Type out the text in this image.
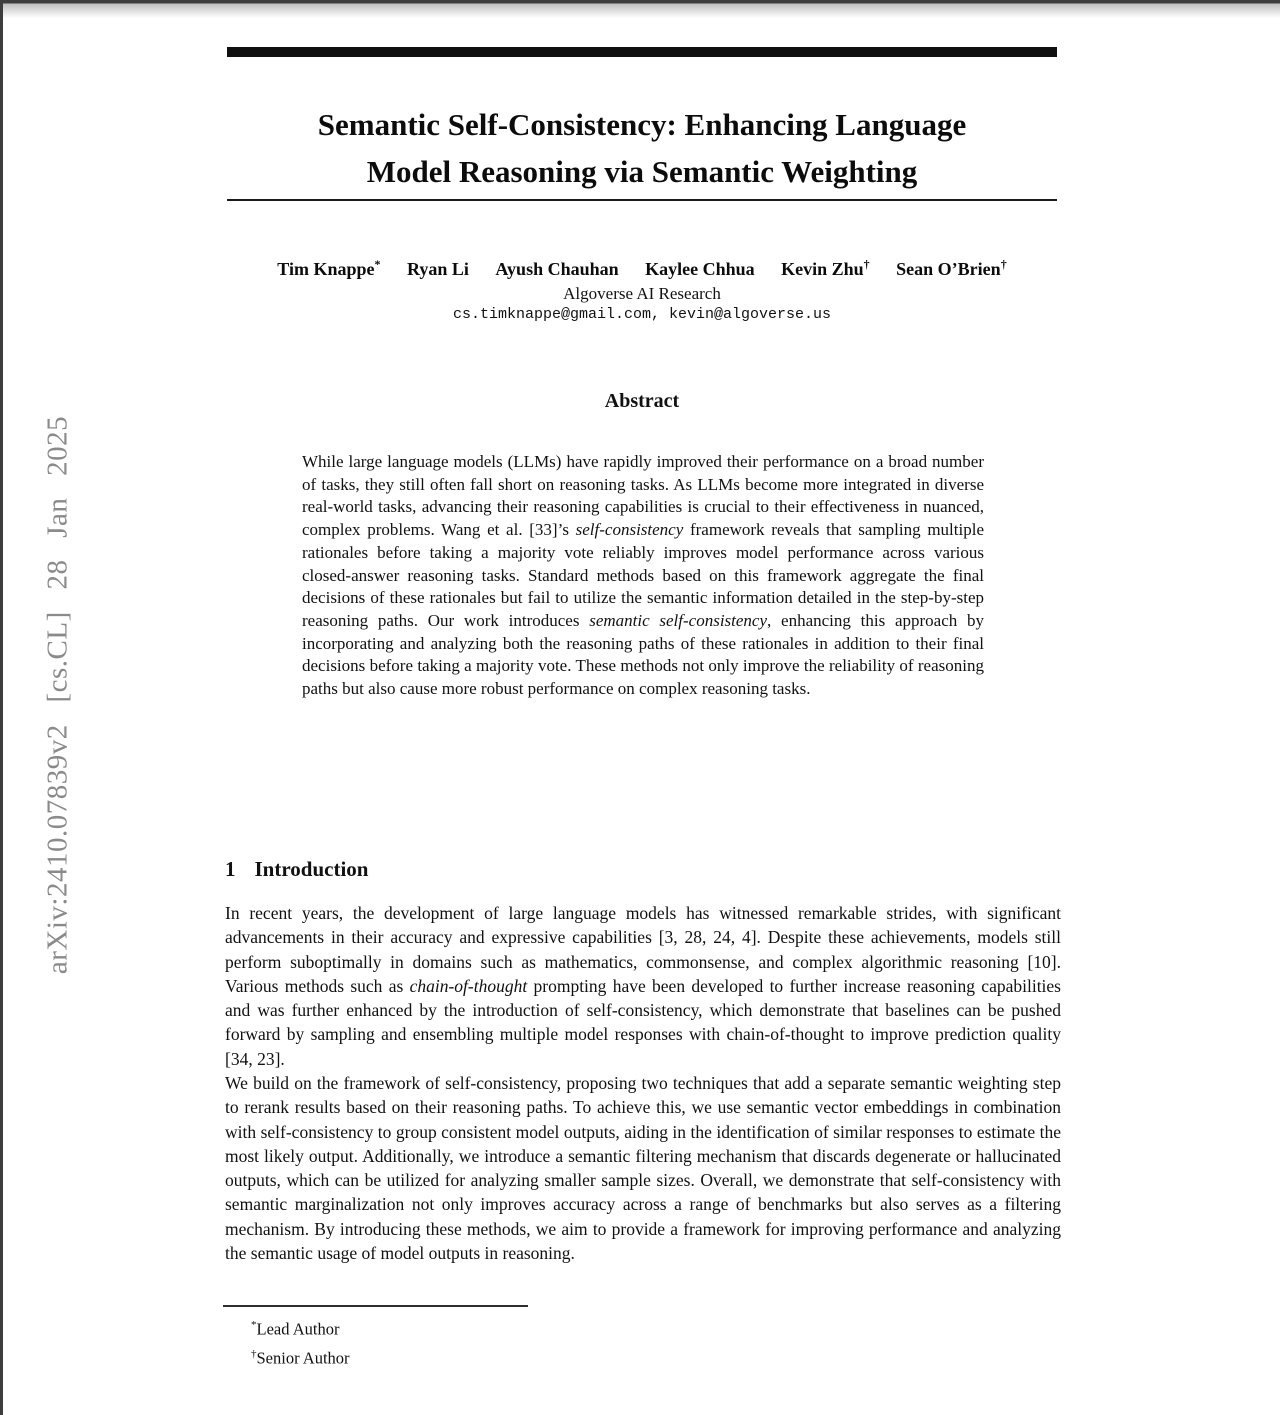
arXiv:2410.07839v2 [cs.CL] 28 Jan 2025
Semantic Self-Consistency: Enhancing Language
Model Reasoning via Semantic Weighting
Tim Knappe* Ryan Li Ayush Chauhan Kaylee Chhua Kevin Zhu† Sean O’Brien†
Algoverse AI Research
cs.timknappe@gmail.com, kevin@algoverse.us
Abstract
While large language models (LLMs) have rapidly improved their performance on a broad number of tasks, they still often fall short on reasoning tasks. As LLMs become more integrated in diverse real-world tasks, advancing their reasoning capabilities is crucial to their effectiveness in nuanced, complex problems. Wang et al. [33]’s self-consistency framework reveals that sampling multiple rationales before taking a majority vote reliably improves model performance across various closed-answer reasoning tasks. Standard methods based on this framework aggregate the final decisions of these rationales but fail to utilize the semantic information detailed in the step-by-step reasoning paths. Our work introduces semantic self-consistency, enhancing this approach by incorporating and analyzing both the reasoning paths of these rationales in addition to their final decisions before taking a majority vote. These methods not only improve the reliability of reasoning paths but also cause more robust performance on complex reasoning tasks.
1 Introduction
In recent years, the development of large language models has witnessed remarkable strides, with significant advancements in their accuracy and expressive capabilities [3, 28, 24, 4]. Despite these achievements, models still perform suboptimally in domains such as mathematics, commonsense, and complex algorithmic reasoning [10]. Various methods such as chain-of-thought prompting have been developed to further increase reasoning capabilities and was further enhanced by the introduction of self-consistency, which demonstrate that baselines can be pushed forward by sampling and ensembling multiple model responses with chain-of-thought to improve prediction quality [34, 23].
We build on the framework of self-consistency, proposing two techniques that add a separate semantic weighting step to rerank results based on their reasoning paths. To achieve this, we use semantic vector embeddings in combination with self-consistency to group consistent model outputs, aiding in the identification of similar responses to estimate the most likely output. Additionally, we introduce a semantic filtering mechanism that discards degenerate or hallucinated outputs, which can be utilized for analyzing smaller sample sizes. Overall, we demonstrate that self-consistency with semantic marginalization not only improves accuracy across a range of benchmarks but also serves as a filtering mechanism. By introducing these methods, we aim to provide a framework for improving performance and analyzing the semantic usage of model outputs in reasoning.
*Lead Author
†Senior Author
